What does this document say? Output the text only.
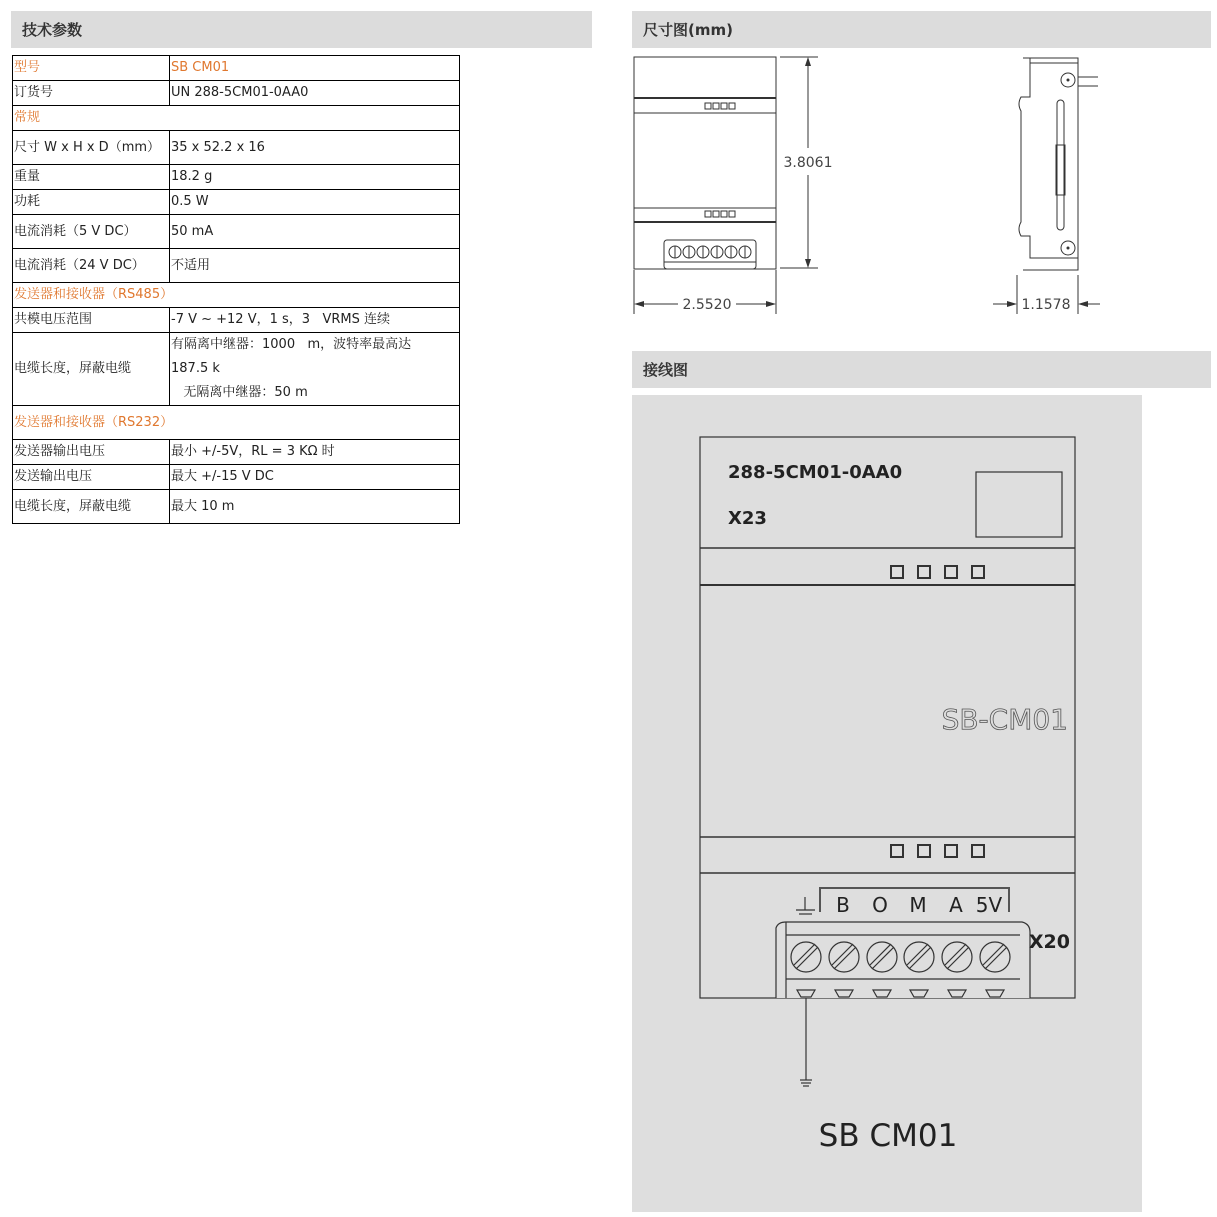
技术参数	尺寸图(mm)
接线图
型号	SB CM01
订货号	UN 288-5CM01-0AA0
常规	
尺寸 W x H x D（mm）	35 x 52.2 x 16
重量	18.2 g
功耗	0.5 W
电流消耗（5 V DC）	50 mA
电流消耗（24 V DC）	不适用
发送器和接收器（RS485）	
共模电压范围	-7 V ~ +12 V，1 s，3   VRMS 连续
电缆长度，屏蔽电缆	有隔离中继器：1000   m，波特率最高达
187.5 k
无隔离中继器：50 m

发送器和接收器（RS232）	
发送器输出电压	最小 +/-5V，RL = 3 KΩ 时
发送输出电压	最大 +/-15 V DC
电缆长度，屏蔽电缆	最大 10 m
3.8061
2.5520	1.1578
288-5CM01-0AA0
X23
SB-CM01
B O M A 5V
X20
SB CM01
